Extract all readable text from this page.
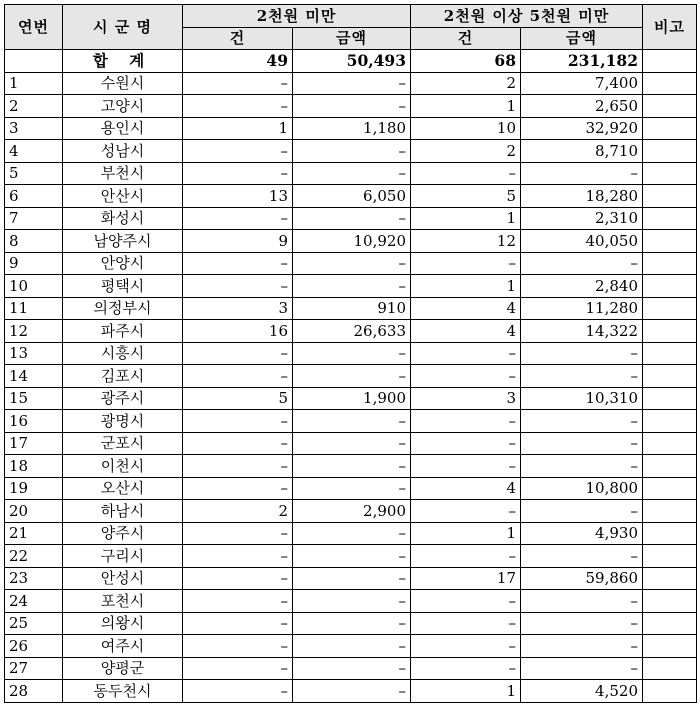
연번	시 군 명	2천원 미만		2천원 이상 5천원 미만		비고
		건	금액	건	금액	
	합 계	49	50,493	68	231,182	
1	수원시	–	–	2	7,400	
2	고양시	–	–	1	2,650	
3	용인시	1	1,180	10	32,920	
4	성남시	–	–	2	8,710	
5	부천시	–	–	–	–	
6	안산시	13	6,050	5	18,280	
7	화성시	–	–	1	2,310	
8	남양주시	9	10,920	12	40,050	
9	안양시	–	–	–	–	
10	평택시	–	–	1	2,840	
11	의정부시	3	910	4	11,280	
12	파주시	16	26,633	4	14,322	
13	시흥시	–	–	–	–	
14	김포시	–	–	–	–	
15	광주시	5	1,900	3	10,310	
16	광명시	–	–	–	–	
17	군포시	–	–	–	–	
18	이천시	–	–	–	–	
19	오산시	–	–	4	10,800	
20	하남시	2	2,900	–	–	
21	양주시	–	–	1	4,930	
22	구리시	–	–	–	–	
23	안성시	–	–	17	59,860	
24	포천시	–	–	–	–	
25	의왕시	–	–	–	–	
26	여주시	–	–	–	–	
27	양평군	–	–	–	–	
28	동두천시	–	–	1	4,520	
